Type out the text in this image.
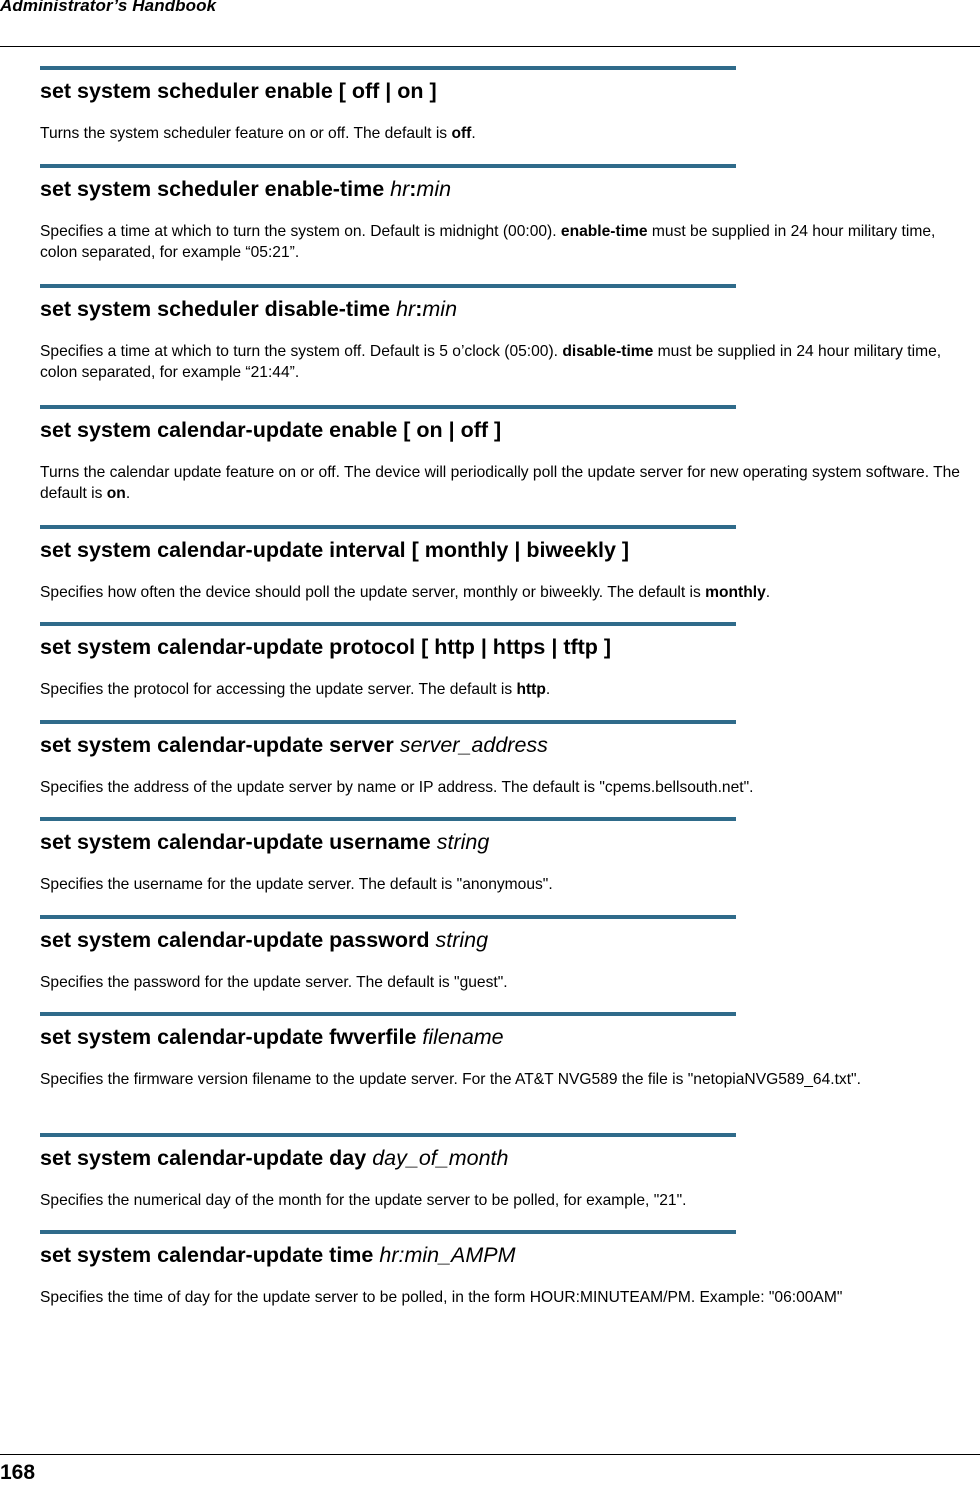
Administrator’s Handbook
set system scheduler enable [ off | on ]
Turns the system scheduler feature on or off. The default is off.
set system scheduler enable-time hr:min
Specifies a time at which to turn the system on. Default is midnight (00:00). enable-time must be supplied in 24 hour military time, colon separated, for example “05:21”.
set system scheduler disable-time hr:min
Specifies a time at which to turn the system off. Default is 5 o’clock (05:00). disable-time must be supplied in 24 hour military time, colon separated, for example “21:44”.
set system calendar-update enable [ on | off ]
Turns the calendar update feature on or off. The device will periodically poll the update server for new operating system software. The default is on.
set system calendar-update interval [ monthly | biweekly ]
Specifies how often the device should poll the update server, monthly or biweekly. The default is monthly.
set system calendar-update protocol [ http | https | tftp ]
Specifies the protocol for accessing the update server. The default is http.
set system calendar-update server server_address
Specifies the address of the update server by name or IP address. The default is "cpems.bellsouth.net".
set system calendar-update username string
Specifies the username for the update server. The default is "anonymous".
set system calendar-update password string
Specifies the password for the update server. The default is "guest".
set system calendar-update fwverfile filename
Specifies the firmware version filename to the update server. For the AT&T NVG589 the file is "netopiaNVG589_64.txt".
set system calendar-update day day_of_month
Specifies the numerical day of the month for the update server to be polled, for example, "21".
set system calendar-update time hr:min_AMPM
Specifies the time of day for the update server to be polled, in the form HOUR:MINUTEAM/PM. Example: "06:00AM"
168
